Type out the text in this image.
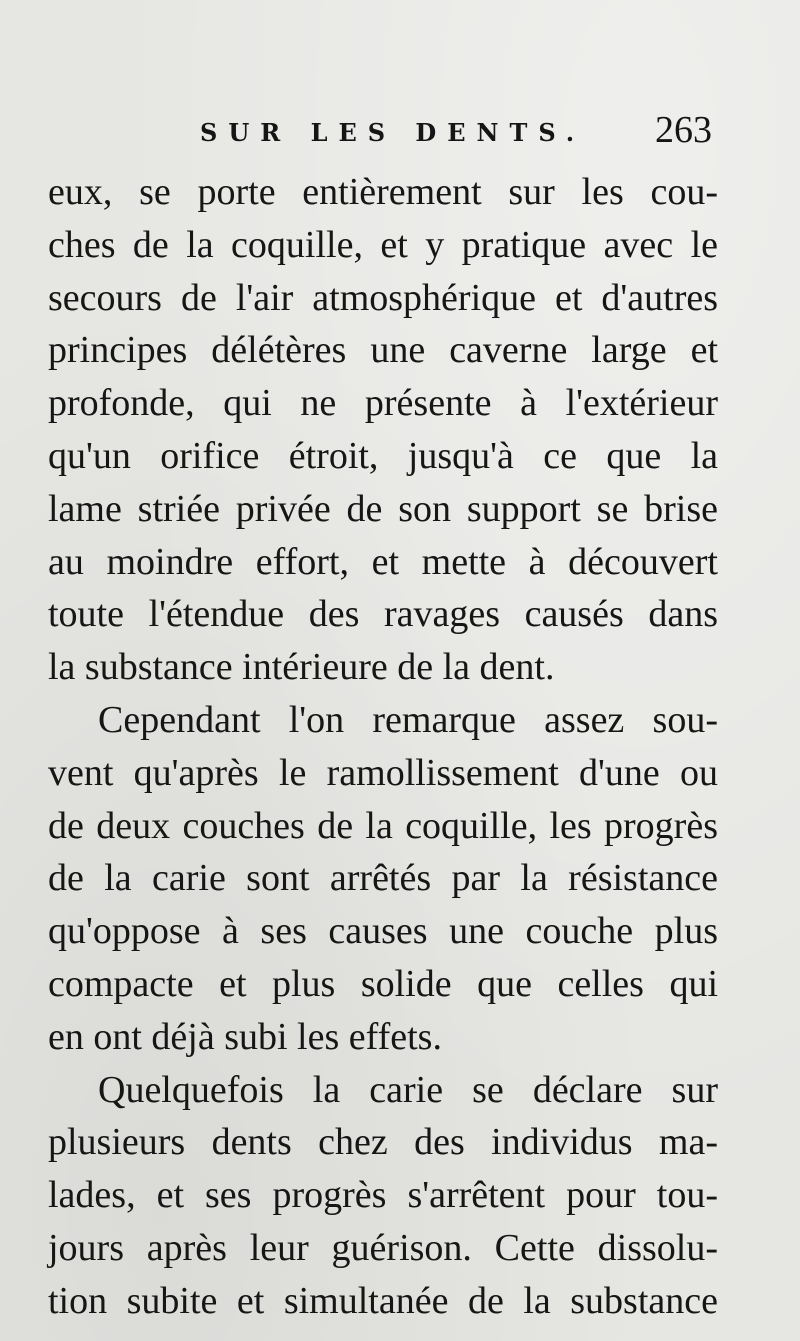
SUR LES DENTS. 263
eux, se porte entièrement sur les cou-
ches de la coquille, et y pratique avec le
secours de l'air atmosphérique et d'autres
principes délétères une caverne large et
profonde, qui ne présente à l'extérieur
qu'un orifice étroit, jusqu'à ce que la
lame striée privée de son support se brise
au moindre effort, et mette à découvert
toute l'étendue des ravages causés dans
la substance intérieure de la dent.
Cependant l'on remarque assez sou-
vent qu'après le ramollissement d'une ou
de deux couches de la coquille, les progrès
de la carie sont arrêtés par la résistance
qu'oppose à ses causes une couche plus
compacte et plus solide que celles qui
en ont déjà subi les effets.
Quelquefois la carie se déclare sur
plusieurs dents chez des individus ma-
lades, et ses progrès s'arrêtent pour tou-
jours après leur guérison. Cette dissolu-
tion subite et simultanée de la substance
